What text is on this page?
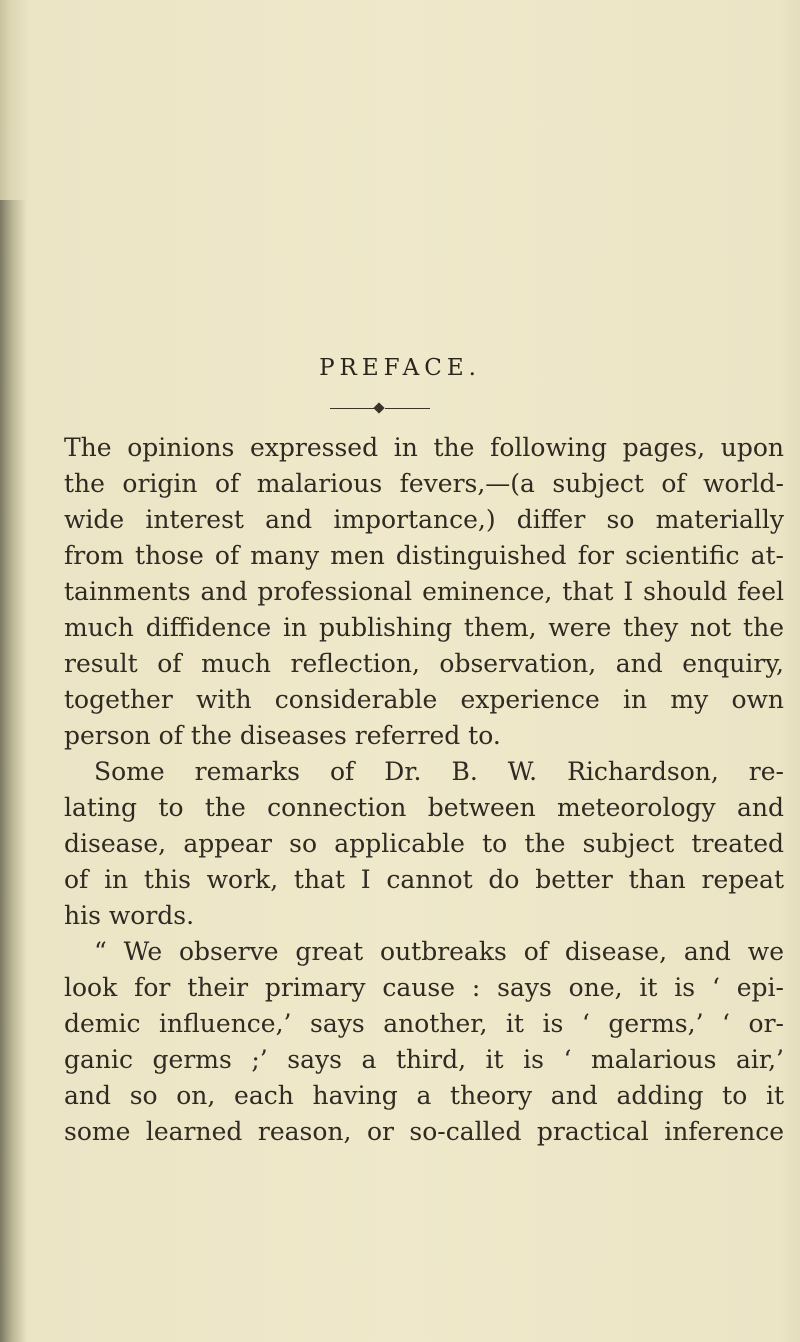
PREFACE.
The opinions expressed in the following pages, upon
the origin of malarious fevers,—(a subject of world-
wide interest and importance,) differ so materially
from those of many men distinguished for scientific at-
tainments and professional eminence, that I should feel
much diffidence in publishing them, were they not the
result of much reflection, observation, and enquiry,
together with considerable experience in my own
person of the diseases referred to.
Some remarks of Dr. B. W. Richardson, re-
lating to the connection between meteorology and
disease, appear so applicable to the subject treated
of in this work, that I cannot do better than repeat
his words.
“ We observe great outbreaks of disease, and we
look for their primary cause : says one, it is ‘ epi-
demic influence,’ says another, it is ‘ germs,’ ‘ or-
ganic germs ;’ says a third, it is ‘ malarious air,’
and so on, each having a theory and adding to it
some learned reason, or so-called practical inference
